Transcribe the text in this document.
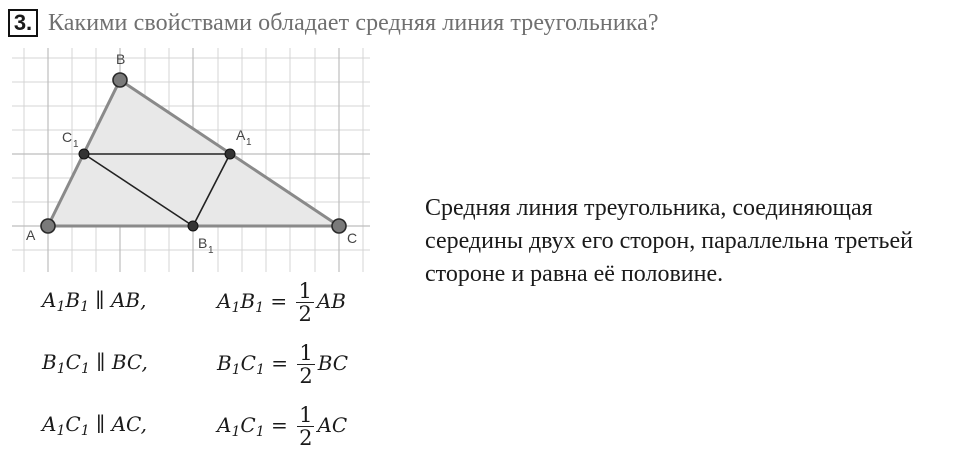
3. Какими свойствами обладает средняя линия треугольника?
A
B
C
C 1
A 1
B 1
$A_1B_1$ ∥ AB,	$A_1B_1 = \frac{1}{2}$ AB
$B_1C_1$ ∥ BC,	$B_1C_1 = \frac{1}{2}$ BC
$A_1C_1$ ∥ AC,	$A_1C_1 = \frac{1}{2}$ AC
Средняя линия треугольника, соединяющая
середины двух его сторон, параллельна третьей
стороне и равна её половине.
